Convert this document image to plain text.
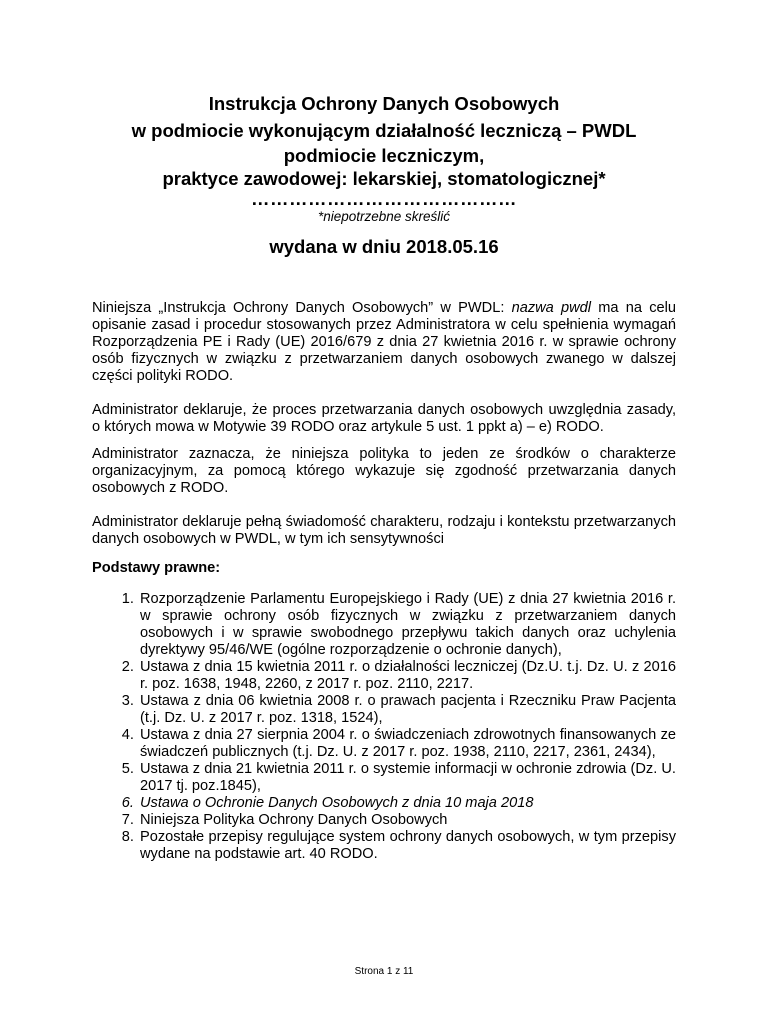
Instrukcja Ochrony Danych Osobowych

w podmiocie wykonującym działalność leczniczą – PWDL

podmiocie leczniczym,

praktyce zawodowej: lekarskiej, stomatologicznej*

……………………………………

*niepotrzebne skreślić

wydana w dniu 2018.05.16

Niniejsza „Instrukcja Ochrony Danych Osobowych” w PWDL: nazwa pwdl ma na celu opisanie zasad i procedur stosowanych przez Administratora w celu spełnienia wymagań Rozporządzenia PE i Rady (UE) 2016/679 z dnia 27 kwietnia 2016 r. w sprawie ochrony osób fizycznych w związku z przetwarzaniem danych osobowych zwanego w dalszej części polityki RODO.

Administrator deklaruje, że proces przetwarzania danych osobowych uwzględnia zasady, o których mowa w Motywie 39 RODO oraz artykule 5 ust. 1 ppkt a) – e) RODO.

Administrator zaznacza, że niniejsza polityka to jeden ze środków o charakterze organizacyjnym, za pomocą którego wykazuje się zgodność przetwarzania danych osobowych z RODO.

Administrator deklaruje pełną świadomość charakteru, rodzaju i kontekstu przetwarzanych danych osobowych w PWDL, w tym ich sensytywności

Podstawy prawne:

1. Rozporządzenie Parlamentu Europejskiego i Rady (UE) z dnia 27 kwietnia 2016 r. w sprawie ochrony osób fizycznych w związku z przetwarzaniem danych osobowych i w sprawie swobodnego przepływu takich danych oraz uchylenia dyrektywy 95/46/WE (ogólne rozporządzenie o ochronie danych),
2. Ustawa z dnia 15 kwietnia 2011 r. o działalności leczniczej (Dz.U. t.j. Dz. U. z 2016 r. poz. 1638, 1948, 2260, z 2017 r. poz. 2110, 2217.
3. Ustawa z dnia 06 kwietnia 2008 r. o prawach pacjenta i Rzeczniku Praw Pacjenta (t.j. Dz. U. z 2017 r. poz. 1318, 1524),
4. Ustawa z dnia 27 sierpnia 2004 r. o świadczeniach zdrowotnych finansowanych ze świadczeń publicznych (t.j. Dz. U. z 2017 r. poz. 1938, 2110, 2217, 2361, 2434),
5. Ustawa z dnia 21 kwietnia 2011 r. o systemie informacji w ochronie zdrowia (Dz. U. 2017 tj. poz.1845),
6. Ustawa o Ochronie Danych Osobowych z dnia 10 maja 2018
7. Niniejsza Polityka Ochrony Danych Osobowych
8. Pozostałe przepisy regulujące system ochrony danych osobowych, w tym przepisy wydane na podstawie art. 40 RODO.
Strona 1 z 11
